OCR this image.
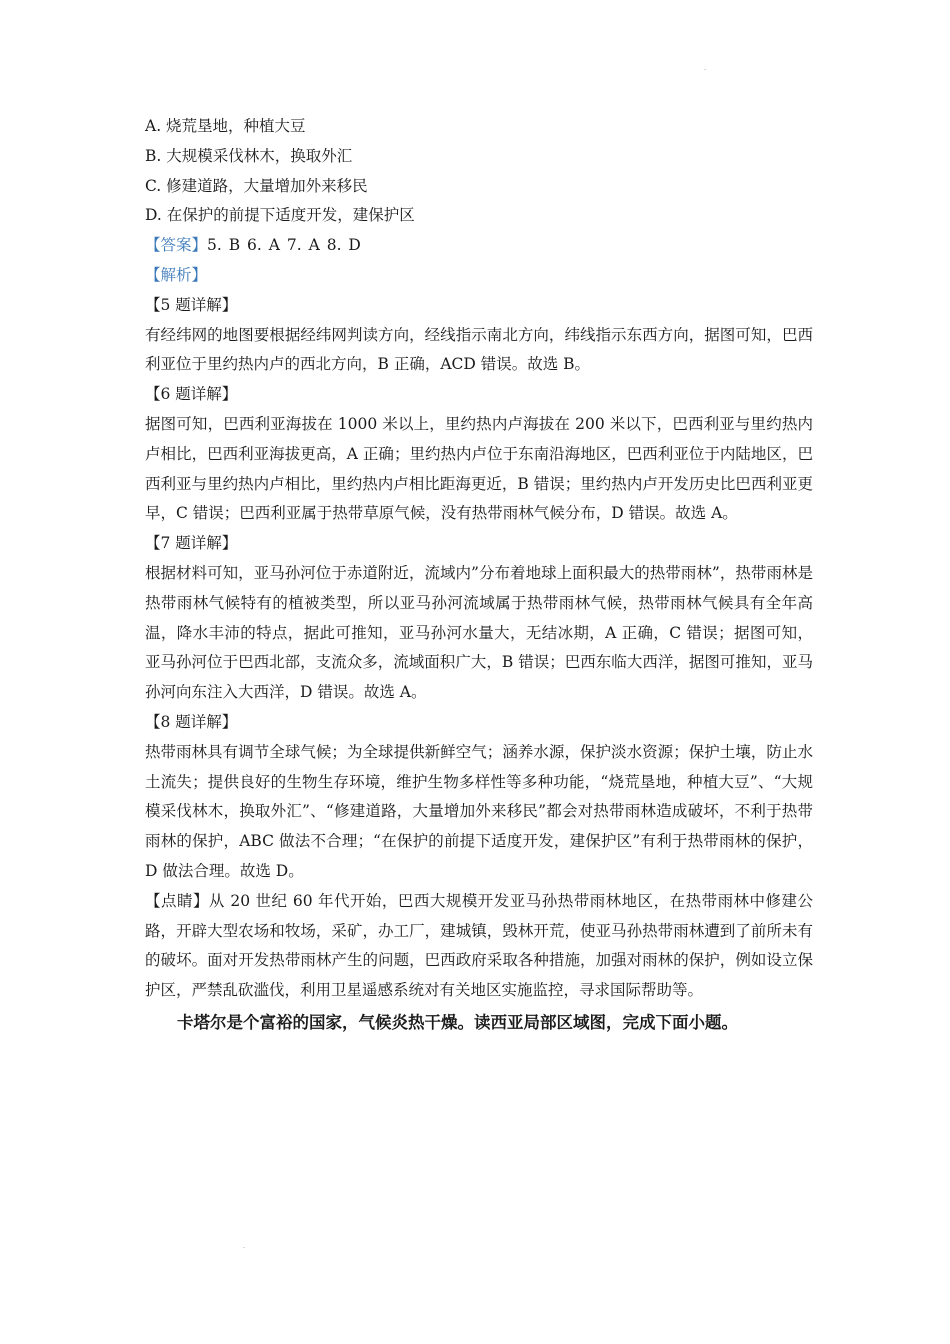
·

A. 烧荒垦地，种植大豆

B. 大规模采伐林木，换取外汇

C. 修建道路，大量增加外来移民

D. 在保护的前提下适度开发，建保护区

【答案】5. B 6. A 7. A 8. D

【解析】

【5 题详解】

有经纬网的地图要根据经纬网判读方向，经线指示南北方向，纬线指示东西方向，据图可知，巴西利亚位于里约热内卢的西北方向，B 正确，ACD 错误。故选 B。

【6 题详解】

据图可知，巴西利亚海拔在 1000 米以上，里约热内卢海拔在 200 米以下，巴西利亚与里约热内卢相比，巴西利亚海拔更高，A 正确；里约热内卢位于东南沿海地区，巴西利亚位于内陆地区，巴西利亚与里约热内卢相比，里约热内卢相比距海更近，B 错误；里约热内卢开发历史比巴西利亚更早，C 错误；巴西利亚属于热带草原气候，没有热带雨林气候分布，D 错误。故选 A。

【7 题详解】

根据材料可知，亚马孙河位于赤道附近，流域内”分布着地球上面积最大的热带雨林”，热带雨林是热带雨林气候特有的植被类型，所以亚马孙河流域属于热带雨林气候，热带雨林气候具有全年高温，降水丰沛的特点，据此可推知，亚马孙河水量大，无结冰期，A 正确，C 错误；据图可知，亚马孙河位于巴西北部，支流众多，流域面积广大，B 错误；巴西东临大西洋，据图可推知，亚马孙河向东注入大西洋，D 错误。故选 A。

【8 题详解】

热带雨林具有调节全球气候；为全球提供新鲜空气；涵养水源，保护淡水资源；保护土壤，防止水土流失；提供良好的生物生存环境，维护生物多样性等多种功能，“烧荒垦地，种植大豆”、“大规模采伐林木，换取外汇”、“修建道路，大量增加外来移民”都会对热带雨林造成破坏，不利于热带雨林的保护，ABC 做法不合理；“在保护的前提下适度开发，建保护区”有利于热带雨林的保护，D 做法合理。故选 D。

【点睛】从 20 世纪 60 年代开始，巴西大规模开发亚马孙热带雨林地区，在热带雨林中修建公路，开辟大型农场和牧场，采矿，办工厂，建城镇，毁林开荒，使亚马孙热带雨林遭到了前所未有的破坏。面对开发热带雨林产生的问题，巴西政府采取各种措施，加强对雨林的保护，例如设立保护区，严禁乱砍滥伐，利用卫星遥感系统对有关地区实施监控，寻求国际帮助等。

卡塔尔是个富裕的国家，气候炎热干燥。读西亚局部区域图，完成下面小题。

·
